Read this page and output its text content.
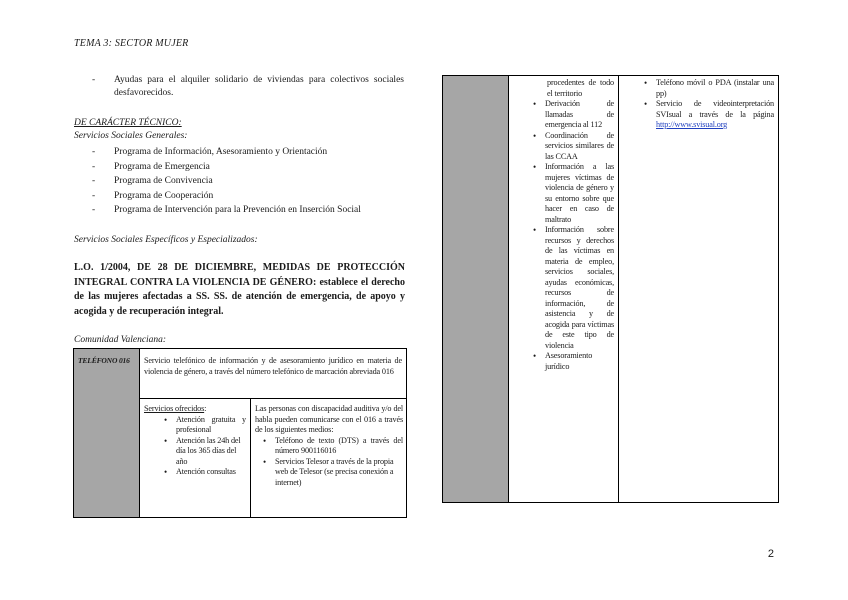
TEMA 3: SECTOR MUJER
- Ayudas para el alquiler solidario de viviendas para colectivos sociales desfavorecidos.
DE CARÁCTER TÉCNICO:
Servicios Sociales Generales:
- Programa de Información, Asesoramiento y Orientación
- Programa de Emergencia
- Programa de Convivencia
- Programa de Cooperación
- Programa de Intervención para la Prevención en Inserción Social
Servicios Sociales Específicos y Especializados:
L.O. 1/2004, DE 28 DE DICIEMBRE, MEDIDAS DE PROTECCIÓN INTEGRAL CONTRA LA VIOLENCIA DE GÉNERO: establece el derecho de las mujeres afectadas a SS. SS. de atención de emergencia, de apoyo y acogida y de recuperación integral.
Comunidad Valenciana:
TELÉFONO 016	Servicio telefónico de información y de asesoramiento jurídico en materia de violencia de género, a través del número telefónico de marcación abreviada 016
Servicios ofrecidos:
• Atención gratuita y profesional
• Atención las 24h del día los 365 días del año
• Atención consultas
Las personas con discapacidad auditiva y/o del habla pueden comunicarse con el 016 a través de los siguientes medios:
• Teléfono de texto (DTS) a través del número 900116016
• Servicios Telesor a través de la propia web de Telesor (se precisa conexión a internet)
procedentes de todo el territorio
• Derivación de llamadas de emergencia al 112
• Coordinación de servicios similares de las CCAA
• Información a las mujeres víctimas de violencia de género y su entorno sobre que hacer en caso de maltrato
• Información sobre recursos y derechos de las víctimas en materia de empleo, servicios sociales, ayudas económicas, recursos de información, de asistencia y de acogida para víctimas de este tipo de violencia
• Asesoramiento jurídico
• Teléfono móvil o PDA (instalar una pp)
• Servicio de videointerpretación SVIsual a través de la página http://www.svisual.org
2
